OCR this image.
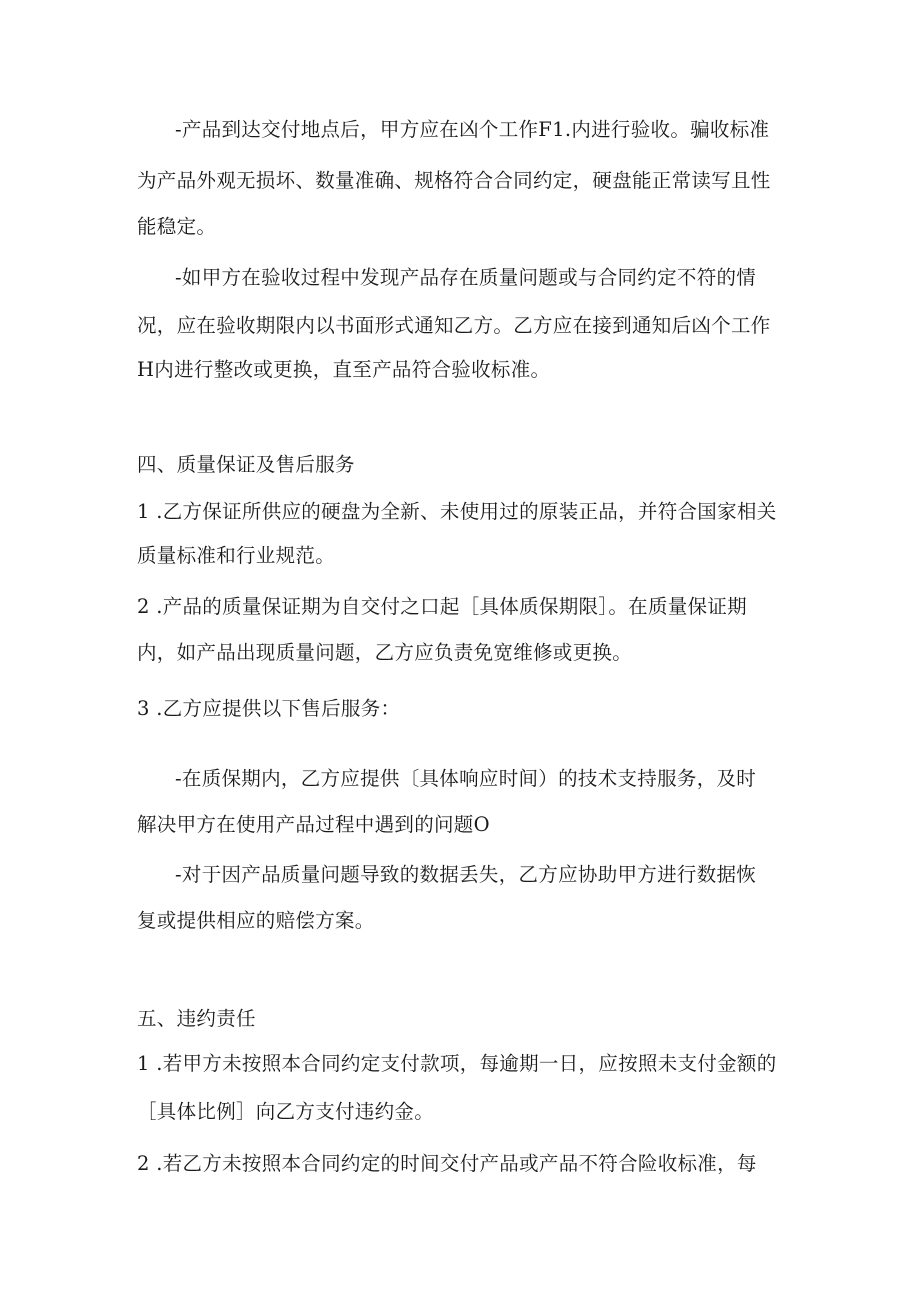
-产品到达交付地点后，甲方应在凶个工作F1.内进行验收。骗收标准
为产品外观无损坏、数量准确、规格符合合同约定，硬盘能正常读写且性
能稳定。
-如甲方在验收过程中发现产品存在质量问题或与合同约定不符的情
况，应在验收期限内以书面形式通知乙方。乙方应在接到通知后凶个工作
H内进行整改或更换，直至产品符合验收标准。
四、质量保证及售后服务
1 .乙方保证所供应的硬盘为全新、未使用过的原装正品，并符合国家相关
质量标准和行业规范。
2 .产品的质量保证期为自交付之口起［具体质保期限］。在质量保证期
内，如产品出现质量问题，乙方应负责免宽维修或更换。
3 .乙方应提供以下售后服务：
-在质保期内，乙方应提供〔具体响应时间）的技术支持服务，及时
解决甲方在使用产品过程中遇到的问题O
-对于因产品质量问题导致的数据丢失，乙方应协助甲方进行数据恢
复或提供相应的赔偿方案。
五、违约责任
1 .若甲方未按照本合同约定支付款项，每逾期一日，应按照未支付金额的
［具体比例］向乙方支付违约金。
2 .若乙方未按照本合同约定的时间交付产品或产品不符合险收标准，每
